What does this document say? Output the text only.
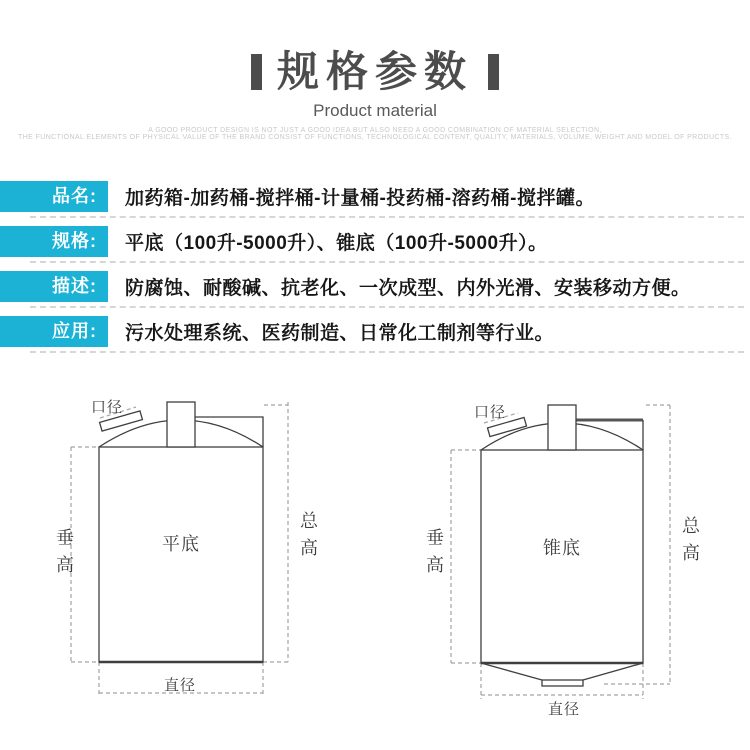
规格参数
Product material
A GOOD PRODUCT DESIGN IS NOT JUST A GOOD IDEA BUT ALSO NEED A GOOD COMBINATION OF MATERIAL SELECTION,
THE FUNCTIONAL ELEMENTS OF PHYSICAL VALUE OF THE BRAND CONSIST OF FUNCTIONS, TECHNOLOGICAL CONTENT, QUALITY, MATERIALS, VOLUME, WEIGHT AND MODEL OF PRODUCTS.
品名:	加药箱-加药桶-搅拌桶-计量桶-投药桶-溶药桶-搅拌罐。
规格:	平底（100升-5000升）、锥底（100升-5000升）。
描述:	防腐蚀、耐酸碱、抗老化、一次成型、内外光滑、安装移动方便。
应用:	污水处理系统、医药制造、日常化工制剂等行业。
口径
平底
垂高	总高
直径
口径
锥底
垂高	总高
直径
